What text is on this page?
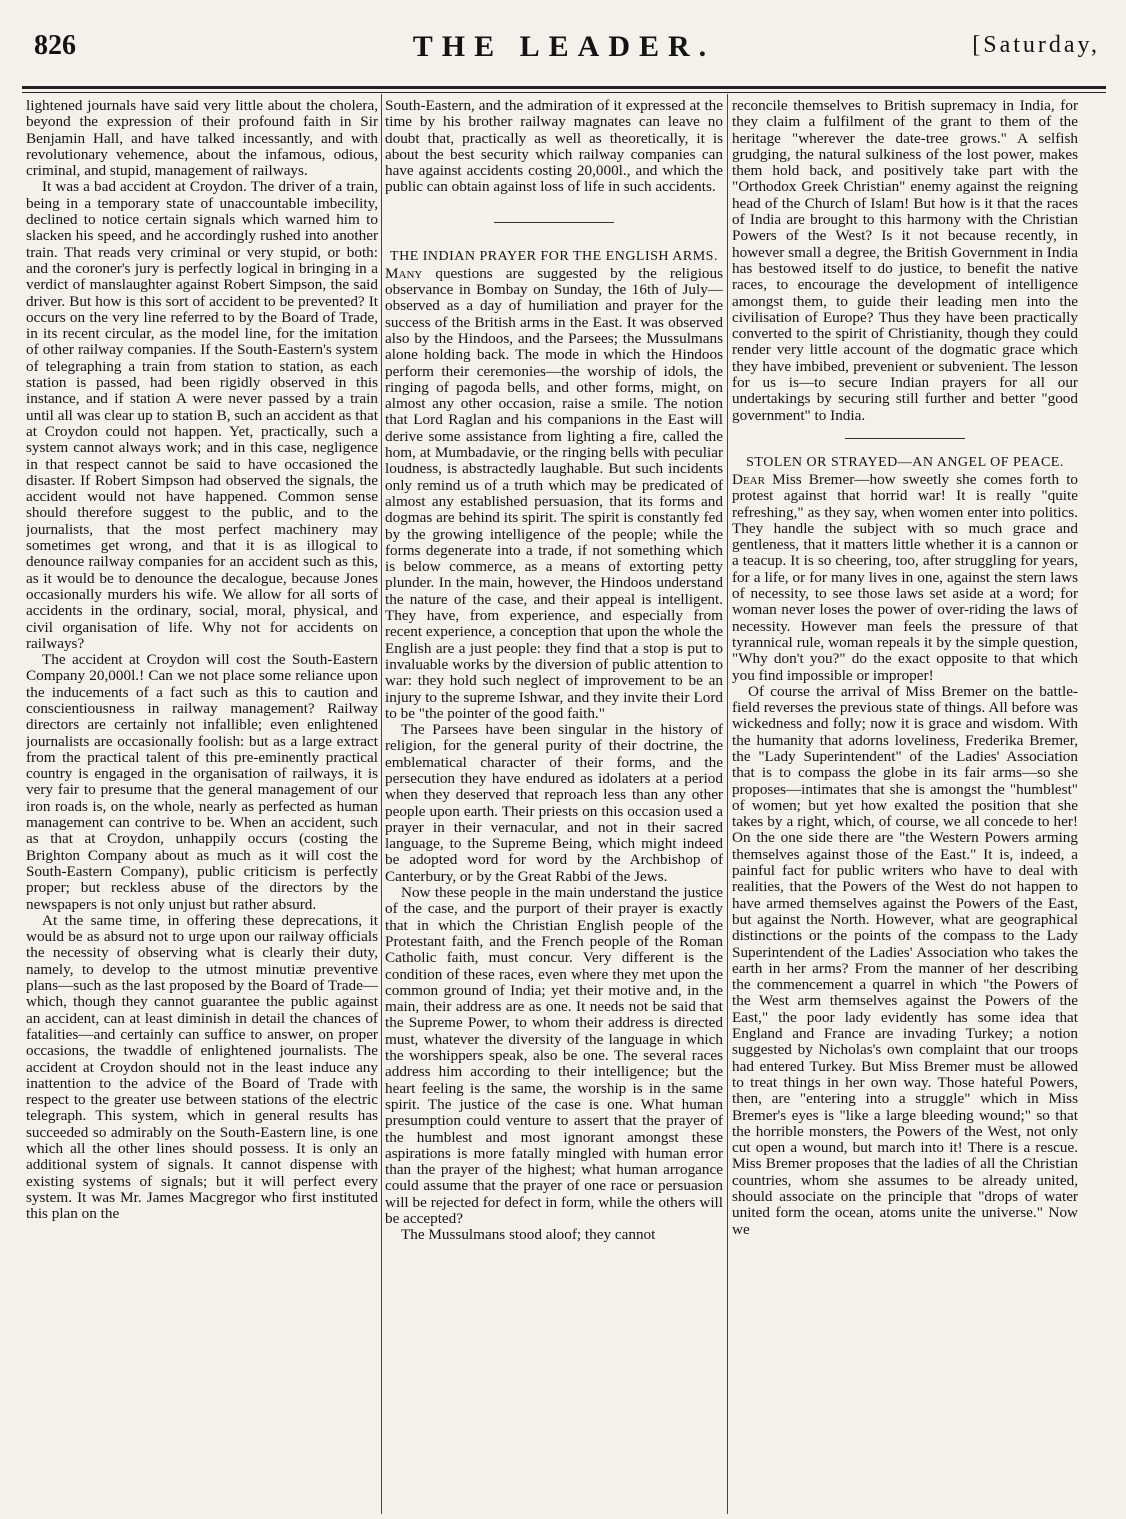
826	THE LEADER.	[Saturday,

lightened journals have said very little about the cholera, beyond the expression of their profound faith in Sir Benjamin Hall, and have talked incessantly, and with revolutionary vehemence, about the infamous, odious, criminal, and stupid, management of railways.

It was a bad accident at Croydon. The driver of a train, being in a temporary state of unaccountable imbecility, declined to notice certain signals which warned him to slacken his speed, and he accordingly rushed into another train. That reads very criminal or very stupid, or both: and the coroner's jury is perfectly logical in bringing in a verdict of manslaughter against Robert Simpson, the said driver. But how is this sort of accident to be prevented? It occurs on the very line referred to by the Board of Trade, in its recent circular, as the model line, for the imitation of other railway companies. If the South-Eastern's system of telegraphing a train from station to station, as each station is passed, had been rigidly observed in this instance, and if station A were never passed by a train until all was clear up to station B, such an accident as that at Croydon could not happen. Yet, practically, such a system cannot always work; and in this case, negligence in that respect cannot be said to have occasioned the disaster. If Robert Simpson had observed the signals, the accident would not have happened. Common sense should therefore suggest to the public, and to the journalists, that the most perfect machinery may sometimes get wrong, and that it is as illogical to denounce railway companies for an accident such as this, as it would be to denounce the decalogue, because Jones occasionally murders his wife. We allow for all sorts of accidents in the ordinary, social, moral, physical, and civil organisation of life. Why not for accidents on railways?

The accident at Croydon will cost the South-Eastern Company 20,000l.! Can we not place some reliance upon the inducements of a fact such as this to caution and conscientiousness in railway management? Railway directors are certainly not infallible; even enlightened journalists are occasionally foolish: but as a large extract from the practical talent of this pre-eminently practical country is engaged in the organisation of railways, it is very fair to presume that the general management of our iron roads is, on the whole, nearly as perfected as human management can contrive to be. When an accident, such as that at Croydon, unhappily occurs (costing the Brighton Company about as much as it will cost the South-Eastern Company), public criticism is perfectly proper; but reckless abuse of the directors by the newspapers is not only unjust but rather absurd.

At the same time, in offering these deprecations, it would be as absurd not to urge upon our railway officials the necessity of observing what is clearly their duty, namely, to develop to the utmost minutiæ preventive plans—such as the last proposed by the Board of Trade—which, though they cannot guarantee the public against an accident, can at least diminish in detail the chances of fatalities—and certainly can suffice to answer, on proper occasions, the twaddle of enlightened journalists. The accident at Croydon should not in the least induce any inattention to the advice of the Board of Trade with respect to the greater use between stations of the electric telegraph. This system, which in general results has succeeded so admirably on the South-Eastern line, is one which all the other lines should possess. It is only an additional system of signals. It cannot dispense with existing systems of signals; but it will perfect every system. It was Mr. James Macgregor who first instituted this plan on the

South-Eastern, and the admiration of it expressed at the time by his brother railway magnates can leave no doubt that, practically as well as theoretically, it is about the best security which railway companies can have against accidents costing 20,000l., and which the public can obtain against loss of life in such accidents.

THE INDIAN PRAYER FOR THE ENGLISH ARMS.

Many questions are suggested by the religious observance in Bombay on Sunday, the 16th of July—observed as a day of humiliation and prayer for the success of the British arms in the East. It was observed also by the Hindoos, and the Parsees; the Mussulmans alone holding back. The mode in which the Hindoos perform their ceremonies—the worship of idols, the ringing of pagoda bells, and other forms, might, on almost any other occasion, raise a smile. The notion that Lord Raglan and his companions in the East will derive some assistance from lighting a fire, called the hom, at Mumbadavie, or the ringing bells with peculiar loudness, is abstractedly laughable. But such incidents only remind us of a truth which may be predicated of almost any established persuasion, that its forms and dogmas are behind its spirit. The spirit is constantly fed by the growing intelligence of the people; while the forms degenerate into a trade, if not something which is below commerce, as a means of extorting petty plunder. In the main, however, the Hindoos understand the nature of the case, and their appeal is intelligent. They have, from experience, and especially from recent experience, a conception that upon the whole the English are a just people: they find that a stop is put to invaluable works by the diversion of public attention to war: they hold such neglect of improvement to be an injury to the supreme Ishwar, and they invite their Lord to be "the pointer of the good faith."

The Parsees have been singular in the history of religion, for the general purity of their doctrine, the emblematical character of their forms, and the persecution they have endured as idolaters at a period when they deserved that reproach less than any other people upon earth. Their priests on this occasion used a prayer in their vernacular, and not in their sacred language, to the Supreme Being, which might indeed be adopted word for word by the Archbishop of Canterbury, or by the Great Rabbi of the Jews.

Now these people in the main understand the justice of the case, and the purport of their prayer is exactly that in which the Christian English people of the Protestant faith, and the French people of the Roman Catholic faith, must concur. Very different is the condition of these races, even where they met upon the common ground of India; yet their motive and, in the main, their address are as one. It needs not be said that the Supreme Power, to whom their address is directed must, whatever the diversity of the language in which the worshippers speak, also be one. The several races address him according to their intelligence; but the heart feeling is the same, the worship is in the same spirit. The justice of the case is one. What human presumption could venture to assert that the prayer of the humblest and most ignorant amongst these aspirations is more fatally mingled with human error than the prayer of the highest; what human arrogance could assume that the prayer of one race or persuasion will be rejected for defect in form, while the others will be accepted?

The Mussulmans stood aloof; they cannot

reconcile themselves to British supremacy in India, for they claim a fulfilment of the grant to them of the heritage "wherever the date-tree grows." A selfish grudging, the natural sulkiness of the lost power, makes them hold back, and positively take part with the "Orthodox Greek Christian" enemy against the reigning head of the Church of Islam! But how is it that the races of India are brought to this harmony with the Christian Powers of the West? Is it not because recently, in however small a degree, the British Government in India has bestowed itself to do justice, to benefit the native races, to encourage the development of intelligence amongst them, to guide their leading men into the civilisation of Europe? Thus they have been practically converted to the spirit of Christianity, though they could render very little account of the dogmatic grace which they have imbibed, prevenient or subvenient. The lesson for us is—to secure Indian prayers for all our undertakings by securing still further and better "good government" to India.

STOLEN OR STRAYED—AN ANGEL OF PEACE.

Dear Miss Bremer—how sweetly she comes forth to protest against that horrid war! It is really "quite refreshing," as they say, when women enter into politics. They handle the subject with so much grace and gentleness, that it matters little whether it is a cannon or a teacup. It is so cheering, too, after struggling for years, for a life, or for many lives in one, against the stern laws of necessity, to see those laws set aside at a word; for woman never loses the power of over-riding the laws of necessity. However man feels the pressure of that tyrannical rule, woman repeals it by the simple question, "Why don't you?" do the exact opposite to that which you find impossible or improper!

Of course the arrival of Miss Bremer on the battle-field reverses the previous state of things. All before was wickedness and folly; now it is grace and wisdom. With the humanity that adorns loveliness, Frederika Bremer, the "Lady Superintendent" of the Ladies' Association that is to compass the globe in its fair arms—so she proposes—intimates that she is amongst the "humblest" of women; but yet how exalted the position that she takes by a right, which, of course, we all concede to her! On the one side there are "the Western Powers arming themselves against those of the East." It is, indeed, a painful fact for public writers who have to deal with realities, that the Powers of the West do not happen to have armed themselves against the Powers of the East, but against the North. However, what are geographical distinctions or the points of the compass to the Lady Superintendent of the Ladies' Association who takes the earth in her arms? From the manner of her describing the commencement a quarrel in which "the Powers of the West arm themselves against the Powers of the East," the poor lady evidently has some idea that England and France are invading Turkey; a notion suggested by Nicholas's own complaint that our troops had entered Turkey. But Miss Bremer must be allowed to treat things in her own way. Those hateful Powers, then, are "entering into a struggle" which in Miss Bremer's eyes is "like a large bleeding wound;" so that the horrible monsters, the Powers of the West, not only cut open a wound, but march into it! There is a rescue. Miss Bremer proposes that the ladies of all the Christian countries, whom she assumes to be already united, should associate on the principle that "drops of water united form the ocean, atoms unite the universe." Now we
